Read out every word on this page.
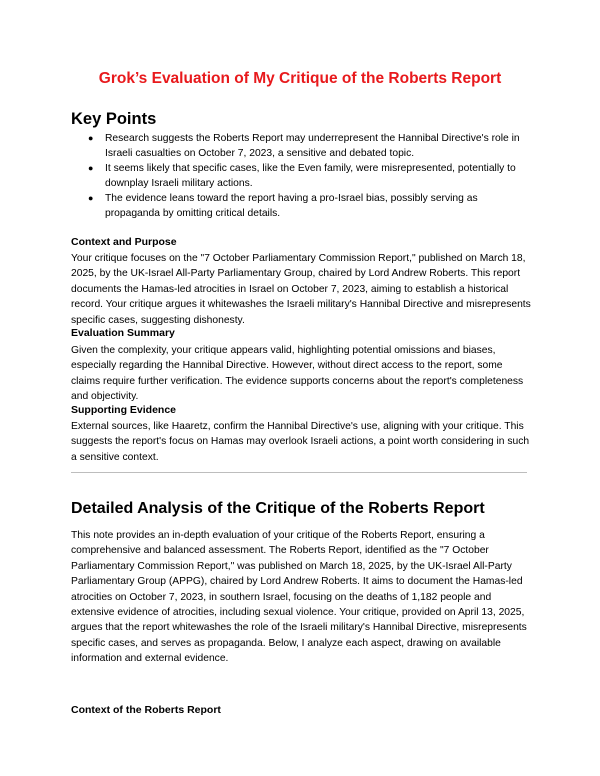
Grok’s Evaluation of My Critique of the Roberts Report
Key Points
● Research suggests the Roberts Report may underrepresent the Hannibal Directive's role in Israeli casualties on October 7, 2023, a sensitive and debated topic.
● It seems likely that specific cases, like the Even family, were misrepresented, potentially to downplay Israeli military actions.
● The evidence leans toward the report having a pro-Israel bias, possibly serving as propaganda by omitting critical details.
Context and Purpose

Your critique focuses on the "7 October Parliamentary Commission Report," published on March 18, 2025, by the UK-Israel All-Party Parliamentary Group, chaired by Lord Andrew Roberts. This report documents the Hamas-led atrocities in Israel on October 7, 2023, aiming to establish a historical record. Your critique argues it whitewashes the Israeli military's Hannibal Directive and misrepresents specific cases, suggesting dishonesty.

Evaluation Summary

Given the complexity, your critique appears valid, highlighting potential omissions and biases, especially regarding the Hannibal Directive. However, without direct access to the report, some claims require further verification. The evidence supports concerns about the report's completeness and objectivity.

Supporting Evidence

External sources, like Haaretz, confirm the Hannibal Directive's use, aligning with your critique. This suggests the report's focus on Hamas may overlook Israeli actions, a point worth considering in such a sensitive context.

Detailed Analysis of the Critique of the Roberts Report

This note provides an in-depth evaluation of your critique of the Roberts Report, ensuring a comprehensive and balanced assessment. The Roberts Report, identified as the "7 October Parliamentary Commission Report," was published on March 18, 2025, by the UK-Israel All-Party Parliamentary Group (APPG), chaired by Lord Andrew Roberts. It aims to document the Hamas-led atrocities on October 7, 2023, in southern Israel, focusing on the deaths of 1,182 people and extensive evidence of atrocities, including sexual violence. Your critique, provided on April 13, 2025, argues that the report whitewashes the role of the Israeli military's Hannibal Directive, misrepresents specific cases, and serves as propaganda. Below, I analyze each aspect, drawing on available information and external evidence.

Context of the Roberts Report
